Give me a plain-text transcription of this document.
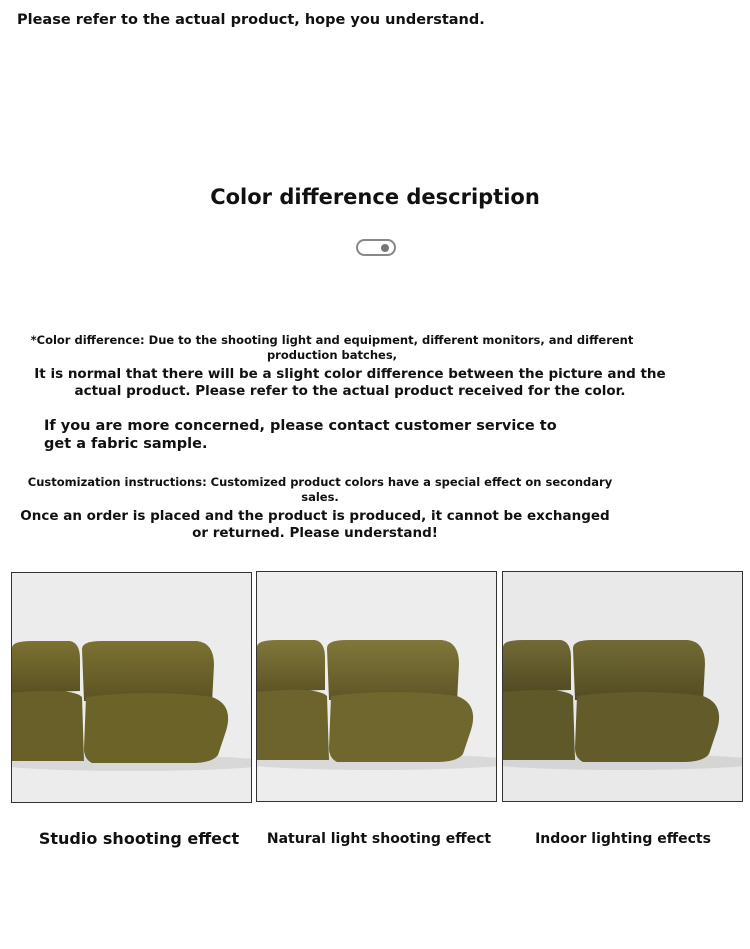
Please refer to the actual product, hope you understand.
Color difference description
*Color difference: Due to the shooting light and equipment, different monitors, and different production batches,
It is normal that there will be a slight color difference between the picture and the actual product. Please refer to the actual product received for the color.
If you are more concerned, please contact customer service to get a fabric sample.
Customization instructions: Customized product colors have a special effect on secondary sales.
Once an order is placed and the product is produced, it cannot be exchanged or returned. Please understand!
Studio shooting effect	Natural light shooting effect	Indoor lighting effects
